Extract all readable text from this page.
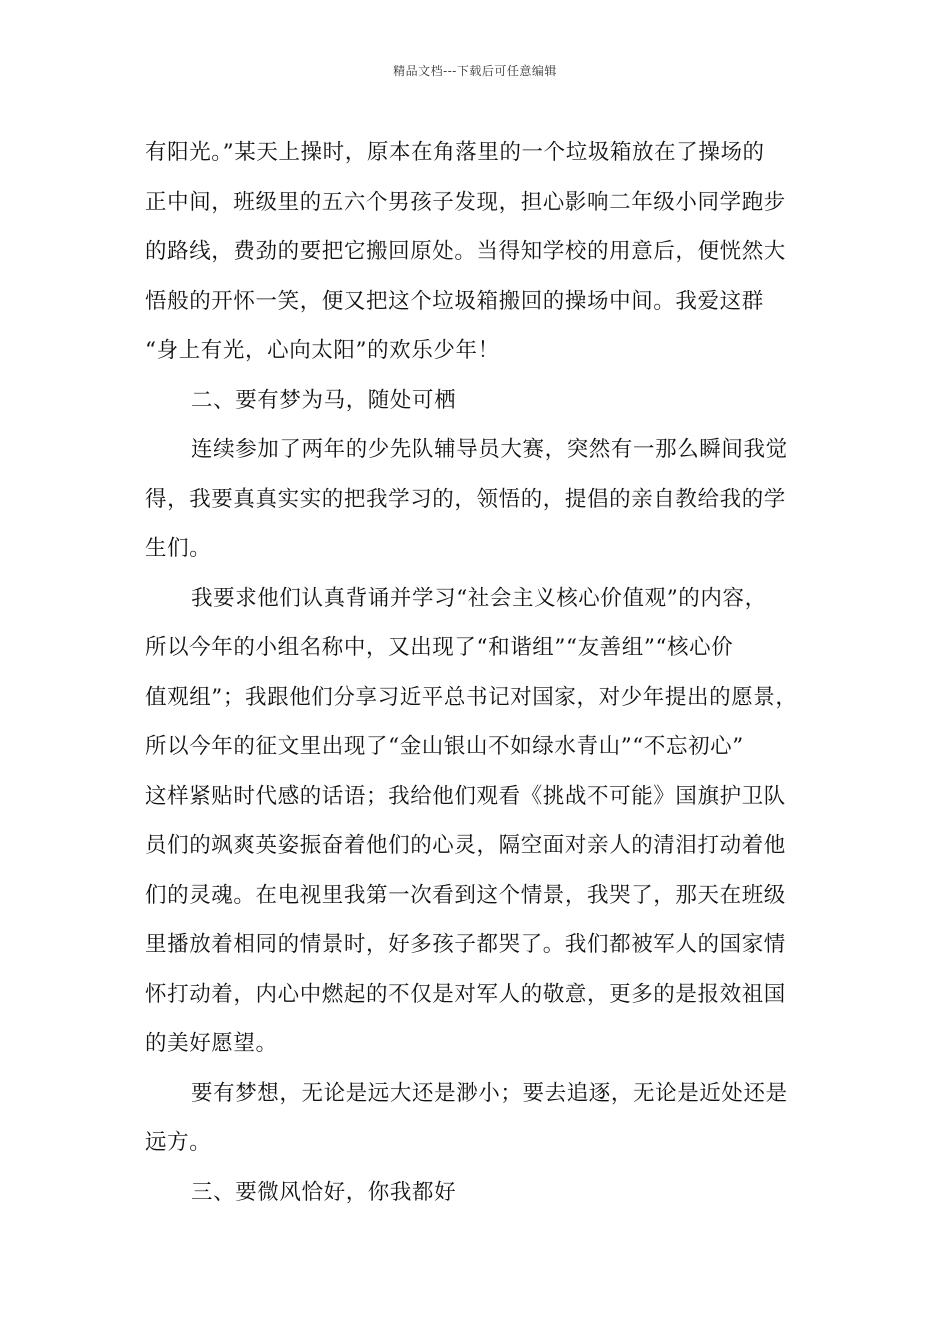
精品文档---下载后可任意编辑
有阳光。”某天上操时，原本在角落里的一个垃圾箱放在了操场的
正中间，班级里的五六个男孩子发现，担心影响二年级小同学跑步
的路线，费劲的要把它搬回原处。当得知学校的用意后，便恍然大
悟般的开怀一笑，便又把这个垃圾箱搬回的操场中间。我爱这群
“身上有光，心向太阳”的欢乐少年！
二、要有梦为马，随处可栖
连续参加了两年的少先队辅导员大赛，突然有一那么瞬间我觉
得，我要真真实实的把我学习的，领悟的，提倡的亲自教给我的学
生们。
我要求他们认真背诵并学习“社会主义核心价值观”的内容，
所以今年的小组名称中，又出现了“和谐组”“友善组”“核心价
值观组”；我跟他们分享习近平总书记对国家，对少年提出的愿景，
所以今年的征文里出现了“金山银山不如绿水青山”“不忘初心”
这样紧贴时代感的话语；我给他们观看《挑战不可能》国旗护卫队
员们的飒爽英姿振奋着他们的心灵，隔空面对亲人的清泪打动着他
们的灵魂。在电视里我第一次看到这个情景，我哭了，那天在班级
里播放着相同的情景时，好多孩子都哭了。我们都被军人的国家情
怀打动着，内心中燃起的不仅是对军人的敬意，更多的是报效祖国
的美好愿望。
要有梦想，无论是远大还是渺小；要去追逐，无论是近处还是
远方。
三、要微风恰好，你我都好
